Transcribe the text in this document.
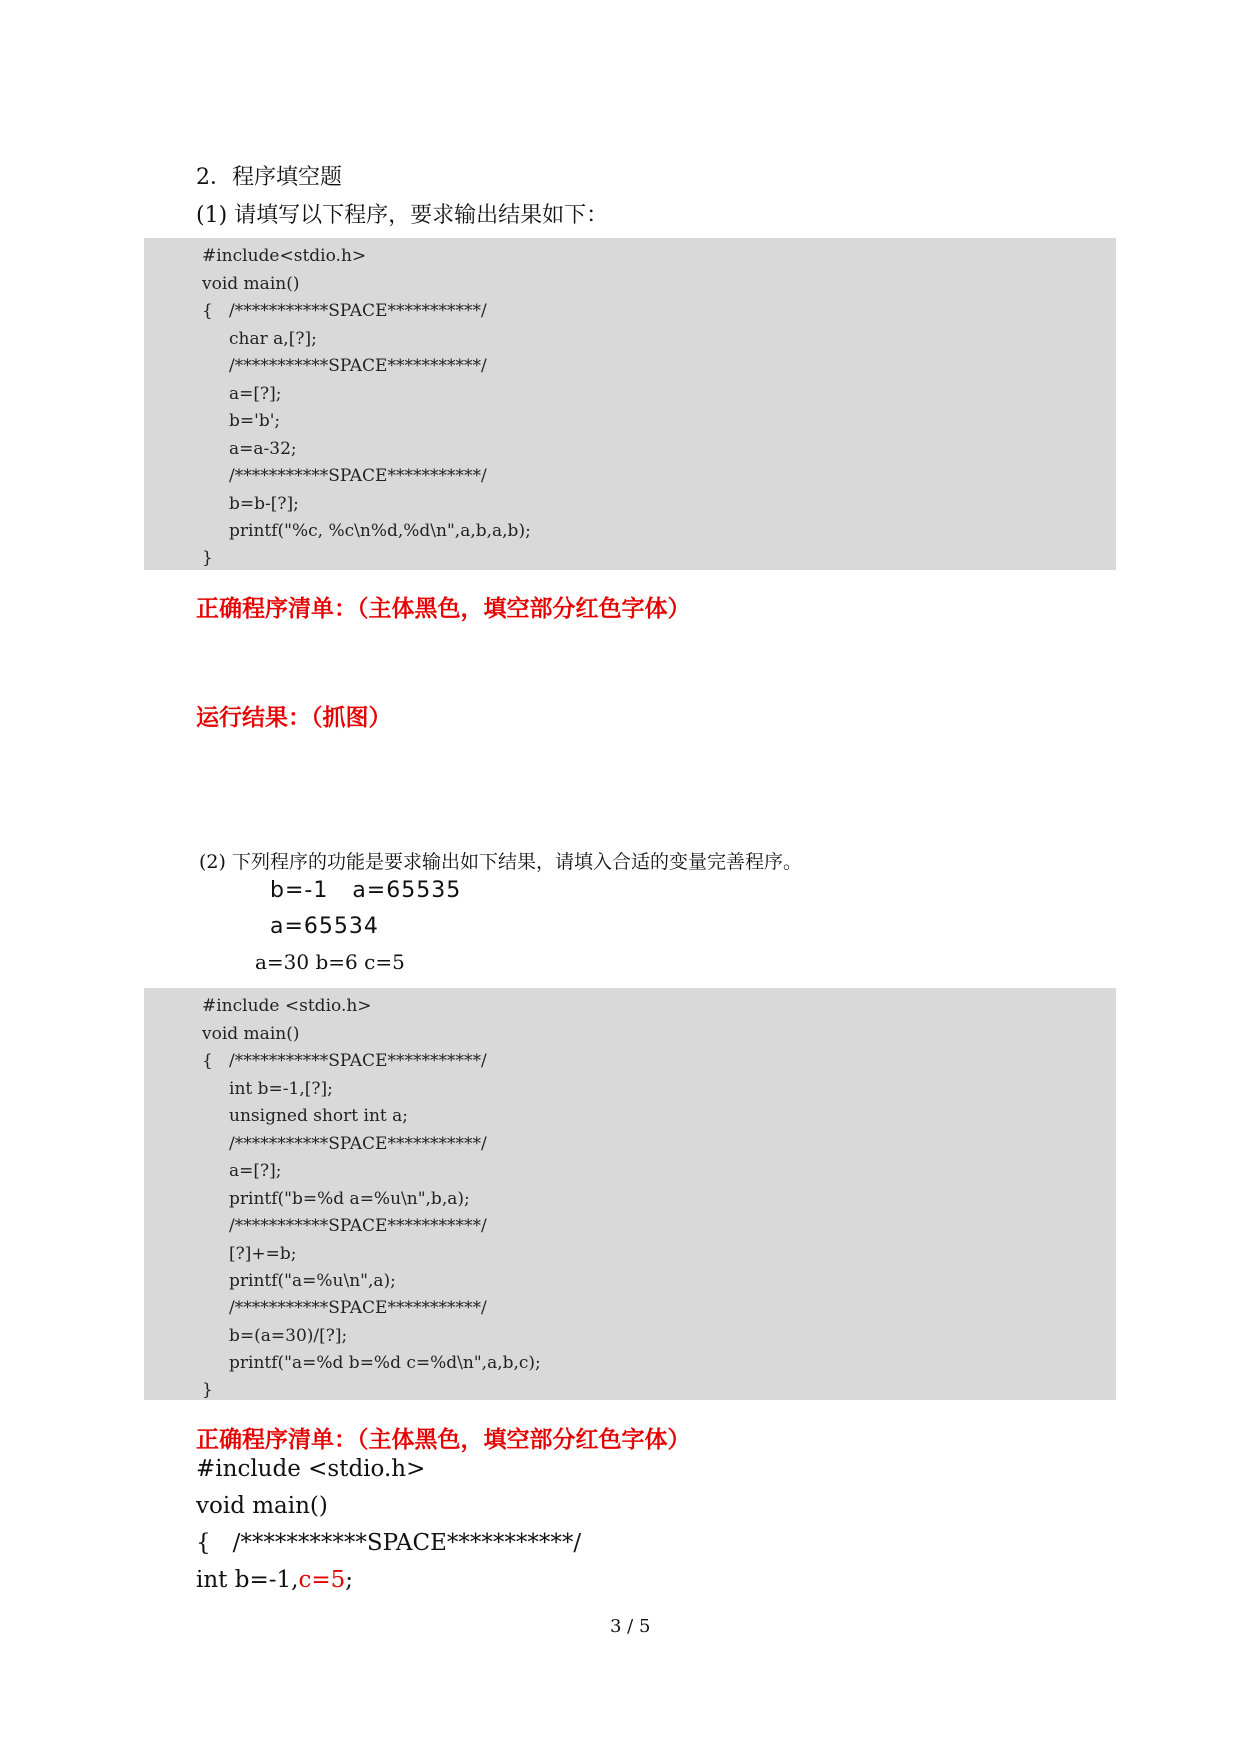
2．程序填空题
(1) 请填写以下程序，要求输出结果如下：
#include<stdio.h>
void main()
{   /***********SPACE***********/
char a,[?];
/***********SPACE***********/
a=[?];
b='b';
a=a-32;
/***********SPACE***********/
b=b-[?];
printf("%c, %c\n%d,%d\n",a,b,a,b);
}
正确程序清单：（主体黑色，填空部分红色字体）
运行结果：（抓图）
(2) 下列程序的功能是要求输出如下结果，请填入合适的变量完善程序。
b=-1   a=65535
a=65534
a=30 b=6 c=5
#include <stdio.h>
void main()
{   /***********SPACE***********/
int b=-1,[?];
unsigned short int a;
/***********SPACE***********/
a=[?];
printf("b=%d a=%u\n",b,a);
/***********SPACE***********/
[?]+=b;
printf("a=%u\n",a);
/***********SPACE***********/
b=(a=30)/[?];
printf("a=%d b=%d c=%d\n",a,b,c);
}
正确程序清单：（主体黑色，填空部分红色字体）
#include <stdio.h>
void main()
{   /***********SPACE***********/
int b=-1,c=5;
3 / 5
